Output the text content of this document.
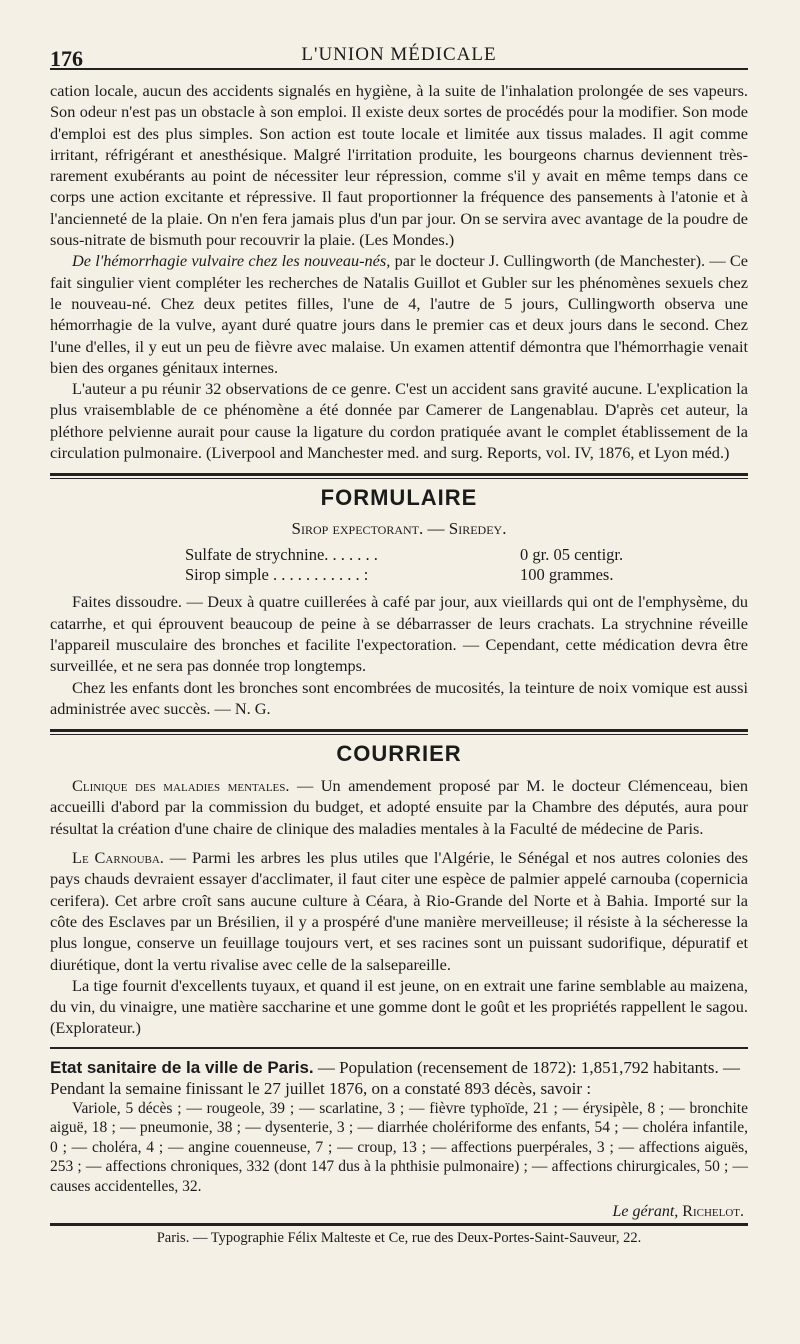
176	L'UNION MÉDICALE

cation locale, aucun des accidents signalés en hygiène, à la suite de l'inhalation prolongée de ses vapeurs. Son odeur n'est pas un obstacle à son emploi. Il existe deux sortes de procédés pour la modifier. Son mode d'emploi est des plus simples. Son action est toute locale et limitée aux tissus malades. Il agit comme irritant, réfrigérant et anesthésique. Malgré l'irritation produite, les bourgeons charnus deviennent très-rarement exubérants au point de nécessiter leur répression, comme s'il y avait en même temps dans ce corps une action excitante et répressive. Il faut proportionner la fréquence des pansements à l'atonie et à l'ancienneté de la plaie. On n'en fera jamais plus d'un par jour. On se servira avec avantage de la poudre de sous-nitrate de bismuth pour recouvrir la plaie. (Les Mondes.)

De l'hémorrhagie vulvaire chez les nouveau-nés, par le docteur J. Cullingworth (de Manchester). — Ce fait singulier vient compléter les recherches de Natalis Guillot et Gubler sur les phénomènes sexuels chez le nouveau-né. Chez deux petites filles, l'une de 4, l'autre de 5 jours, Cullingworth observa une hémorrhagie de la vulve, ayant duré quatre jours dans le premier cas et deux jours dans le second. Chez l'une d'elles, il y eut un peu de fièvre avec malaise. Un examen attentif démontra que l'hémorrhagie venait bien des organes génitaux internes.

L'auteur a pu réunir 32 observations de ce genre. C'est un accident sans gravité aucune. L'explication la plus vraisemblable de ce phénomène a été donnée par Camerer de Langenablau. D'après cet auteur, la pléthore pelvienne aurait pour cause la ligature du cordon pratiquée avant le complet établissement de la circulation pulmonaire. (Liverpool and Manchester med. and surg. Reports, vol. IV, 1876, et Lyon méd.)

FORMULAIRE
Sirop expectorant. — Siredey.
Sulfate de strychnine. . . . . . .	0 gr. 05 centigr.
Sirop simple . . . . . . . . . . . :	100 grammes.

Faites dissoudre. — Deux à quatre cuillerées à café par jour, aux vieillards qui ont de l'emphysème, du catarrhe, et qui éprouvent beaucoup de peine à se débarrasser de leurs crachats. La strychnine réveille l'appareil musculaire des bronches et facilite l'expectoration. — Cependant, cette médication devra être surveillée, et ne sera pas donnée trop longtemps.

Chez les enfants dont les bronches sont encombrées de mucosités, la teinture de noix vomique est aussi administrée avec succès. — N. G.

COURRIER

Clinique des maladies mentales. — Un amendement proposé par M. le docteur Clémenceau, bien accueilli d'abord par la commission du budget, et adopté ensuite par la Chambre des députés, aura pour résultat la création d'une chaire de clinique des maladies mentales à la Faculté de médecine de Paris.

Le Carnouba. — Parmi les arbres les plus utiles que l'Algérie, le Sénégal et nos autres colonies des pays chauds devraient essayer d'acclimater, il faut citer une espèce de palmier appelé carnouba (copernicia cerifera). Cet arbre croît sans aucune culture à Céara, à Rio-Grande del Norte et à Bahia. Importé sur la côte des Esclaves par un Brésilien, il y a prospéré d'une manière merveilleuse; il résiste à la sécheresse la plus longue, conserve un feuillage toujours vert, et ses racines sont un puissant sudorifique, dépuratif et diurétique, dont la vertu rivalise avec celle de la salsepareille.

La tige fournit d'excellents tuyaux, et quand il est jeune, on en extrait une farine semblable au maizena, du vin, du vinaigre, une matière saccharine et une gomme dont le goût et les propriétés rappellent le sagou. (Explorateur.)

Etat sanitaire de la ville de Paris. — Population (recensement de 1872): 1,851,792 habitants. — Pendant la semaine finissant le 27 juillet 1876, on a constaté 893 décès, savoir :
Variole, 5 décès ; — rougeole, 39 ; — scarlatine, 3 ; — fièvre typhoïde, 21 ; — érysipèle, 8 ; — bronchite aiguë, 18 ; — pneumonie, 38 ; — dysenterie, 3 ; — diarrhée cholériforme des enfants, 54 ; — choléra infantile, 0 ; — choléra, 4 ; — angine couenneuse, 7 ; — croup, 13 ; — affections puerpérales, 3 ; — affections aiguës, 253 ; — affections chroniques, 332 (dont 147 dus à la phthisie pulmonaire) ; — affections chirurgicales, 50 ; — causes accidentelles, 32.
Le gérant, Richelot.
Paris. — Typographie Félix Malteste et Ce, rue des Deux-Portes-Saint-Sauveur, 22.
